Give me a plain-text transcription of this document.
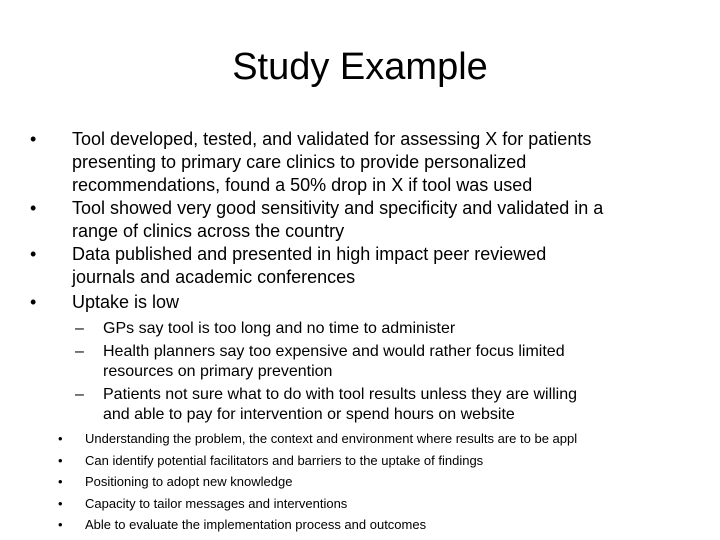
Study Example
• Tool developed, tested, and validated for assessing X for patients
presenting to primary care clinics to provide personalized
recommendations, found a 50% drop in X if tool was used
• Tool showed very good sensitivity and specificity and validated in a
range of clinics across the country
• Data published and presented in high impact peer reviewed
journals and academic conferences
• Uptake is low
– GPs say tool is too long and no time to administer
– Health planners say too expensive and would rather focus limited
resources on primary prevention
– Patients not sure what to do with tool results unless they are willing
and able to pay for intervention or spend hours on website
• Understanding the problem, the context and environment where results are to be appl
• Can identify potential facilitators and barriers to the uptake of findings
• Positioning to adopt new knowledge
• Capacity to tailor messages and interventions
• Able to evaluate the implementation process and outcomes
